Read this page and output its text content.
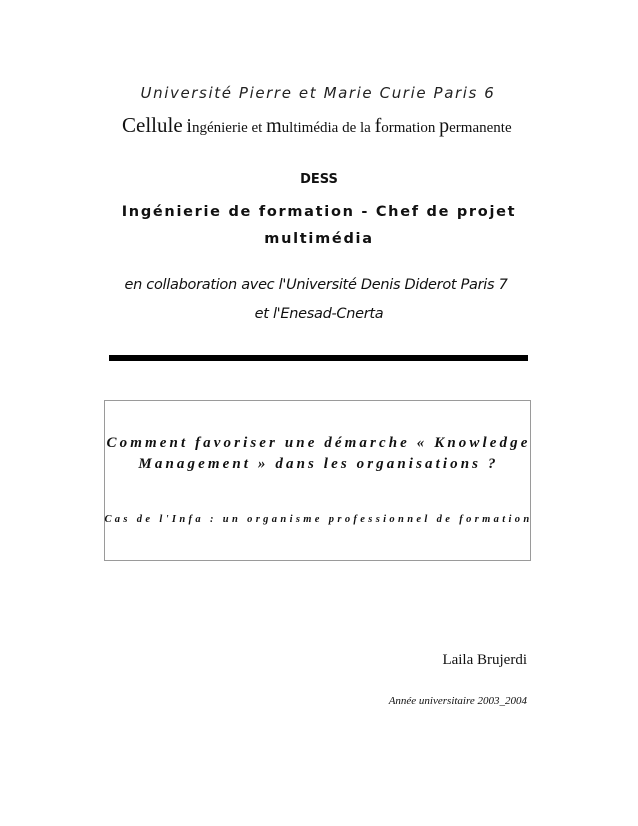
Université Pierre et Marie Curie Paris 6
Cellule ingénierie et multimédia de la formation permanente
DESS
Ingénierie de formation - Chef de projet
multimédia
en collaboration avec l'Université Denis Diderot Paris 7
et l'Enesad-Cnerta
Comment favoriser une démarche « Knowledge
Management » dans les organisations ?
Cas de l'Infa : un organisme professionnel de formation
Laila Brujerdi
Année universitaire 2003_2004
